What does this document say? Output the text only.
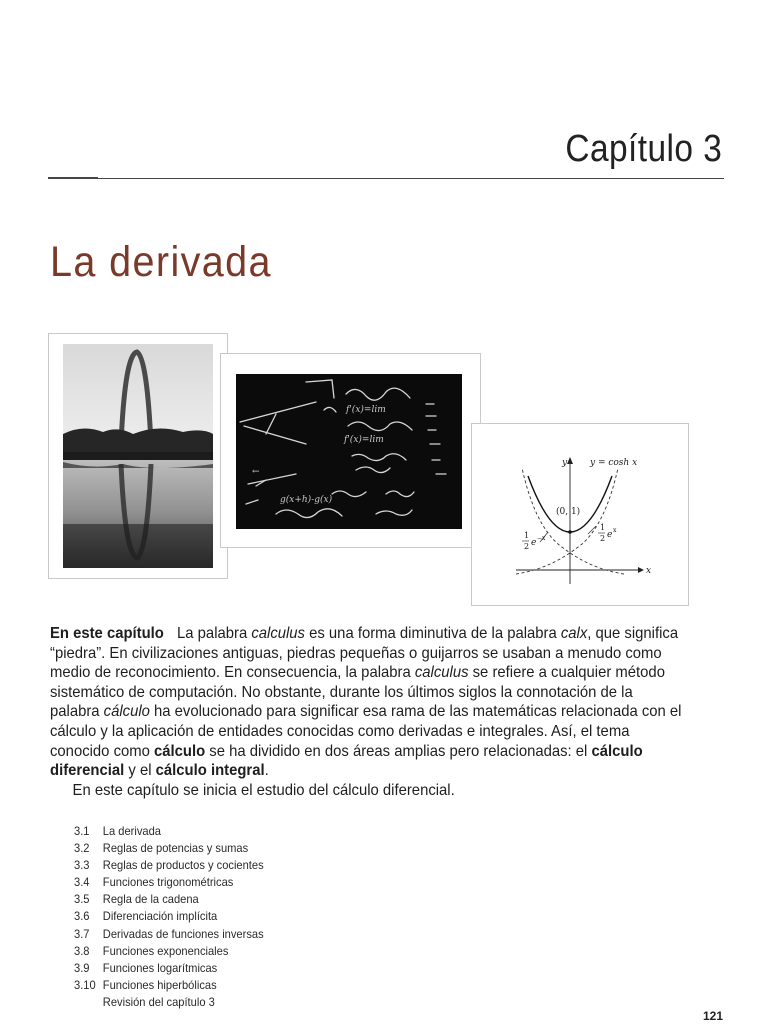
Capítulo 3
La derivada
f'(x)=lim
f'(x)=lim
g(x+h)-g(x)
←
y	y = cosh x
(0, 1)
x
1
2 e −x
1
2 e x

En este capítulo La palabra calculus es una forma diminutiva de la palabra calx, que significa “piedra”. En civilizaciones antiguas, piedras pequeñas o guijarros se usaban a menudo como medio de reconocimiento. En consecuencia, la palabra calculus se refiere a cualquier método sistemático de computación. No obstante, durante los últimos siglos la connotación de la palabra cálculo ha evolucionado para significar esa rama de las matemáticas relacionada con el cálculo y la aplicación de entidades conocidas como derivadas e integrales. Así, el tema conocido como cálculo se ha dividido en dos áreas amplias pero relacionadas: el cálculo diferencial y el cálculo integral.

En este capítulo se inicia el estudio del cálculo diferencial.

3.1	La derivada
3.2	Reglas de potencias y sumas
3.3	Reglas de productos y cocientes
3.4	Funciones trigonométricas
3.5	Regla de la cadena
3.6	Diferenciación implícita
3.7	Derivadas de funciones inversas
3.8	Funciones exponenciales
3.9	Funciones logarítmicas
3.10 Funciones hiperbólicas
Revisión del capítulo 3
121
